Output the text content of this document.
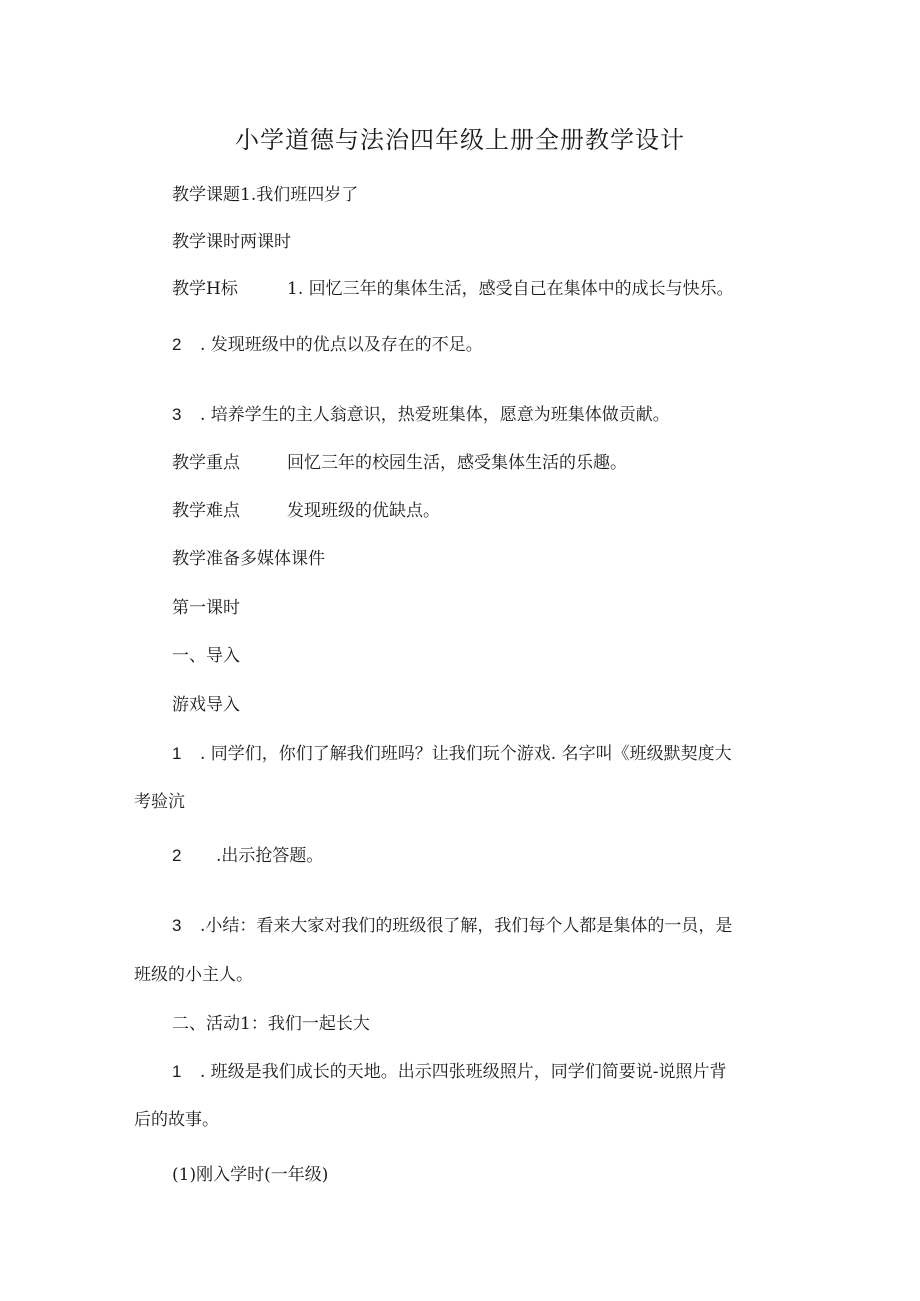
小学道德与法治四年级上册全册教学设计
教学课题1.我们班四岁了
教学课时两课时
教学H标	1. 回忆三年的集体生活，感受自己在集体中的成长与快乐。
2 . 发现班级中的优点以及存在的不足。
3 . 培养学生的主人翁意识，热爱班集体，愿意为班集体做贡献。
教学重点	回忆三年的校园生活，感受集体生活的乐趣。
教学难点	发现班级的优缺点。
教学准备多媒体课件
第一课时
一、导入
游戏导入
1 . 同学们，你们了解我们班吗？让我们玩个游戏. 名字叫《班级默契度大
考验沆
2 .出示抢答题。
3 .小结：看来大家对我们的班级很了解，我们每个人都是集体的一员，是
班级的小主人。
二、活动1：我们一起长大
1 . 班级是我们成长的天地。出示四张班级照片，同学们简要说-说照片背
后的故事。
(1)刚入学时(一年级)
